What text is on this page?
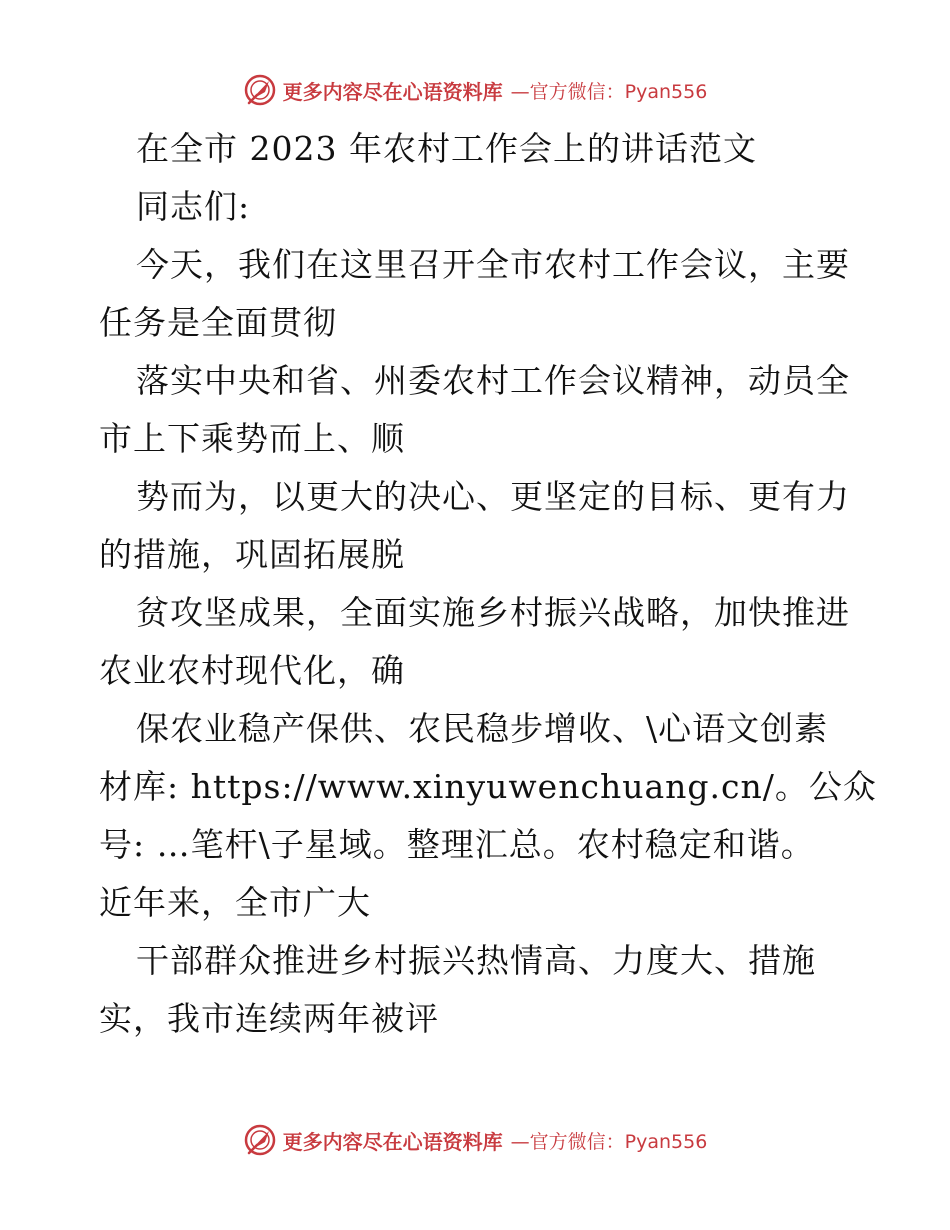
更多内容尽在心语资料库 —官方微信：Pyan556
在全市 2023 年农村工作会上的讲话范文
同志们:
今天，我们在这里召开全市农村工作会议，主要
任务是全面贯彻
落实中央和省、州委农村工作会议精神，动员全
市上下乘势而上、顺
势而为，以更大的决心、更坚定的目标、更有力
的措施，巩固拓展脱
贫攻坚成果，全面实施乡村振兴战略，加快推进
农业农村现代化，确
保农业稳产保供、农民稳步增收、\心语文创素
材库: https://www.xinyuwenchuang.cn/。公众
号: …笔杆\子星域。整理汇总。农村稳定和谐。
近年来，全市广大
干部群众推进乡村振兴热情高、力度大、措施
实，我市连续两年被评
更多内容尽在心语资料库 —官方微信：Pyan556
